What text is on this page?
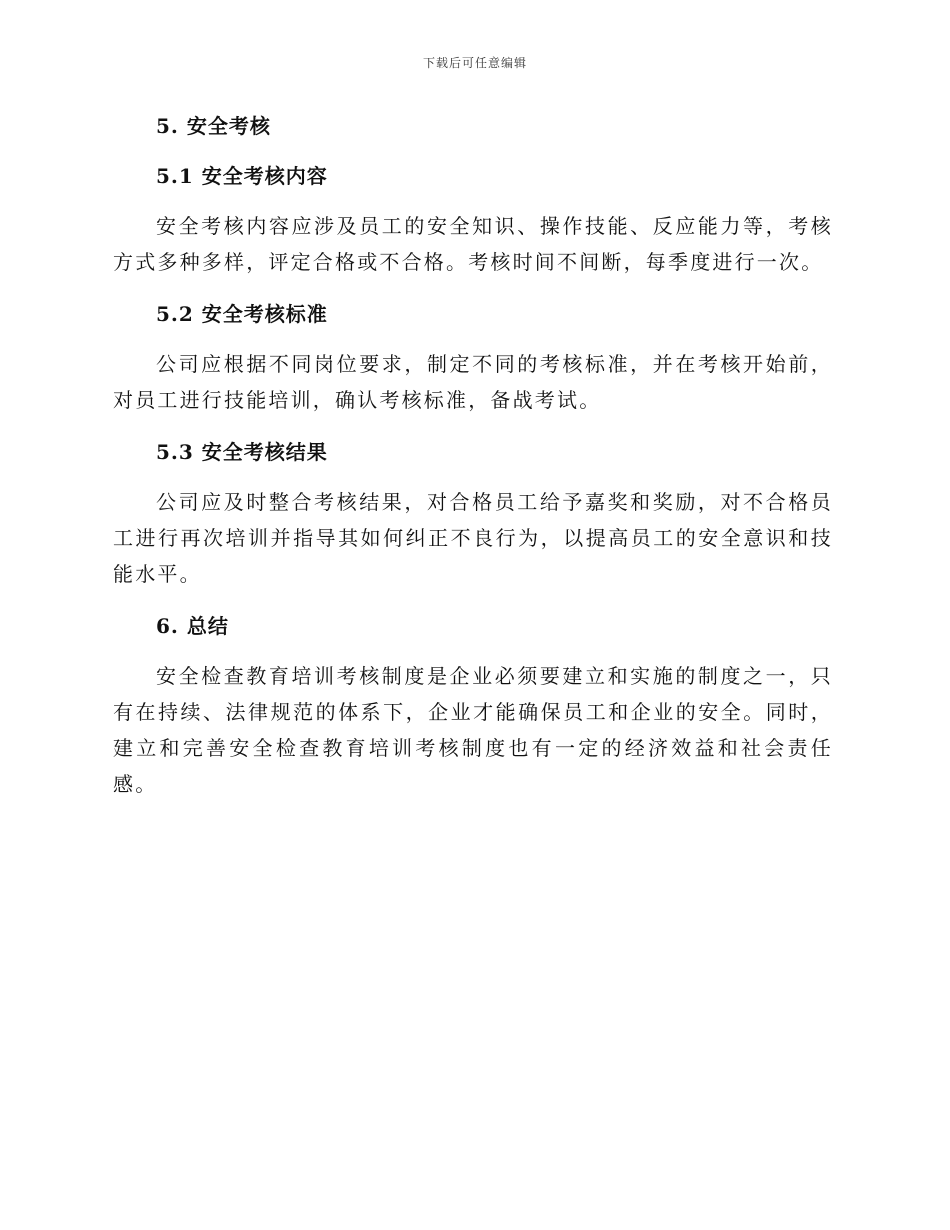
下载后可任意编辑
5. 安全考核
5.1 安全考核内容

安全考核内容应涉及员工的安全知识、操作技能、反应能力等，考核方式多种多样，评定合格或不合格。考核时间不间断，每季度进行一次。

5.2 安全考核标准

公司应根据不同岗位要求，制定不同的考核标准，并在考核开始前，对员工进行技能培训，确认考核标准，备战考试。

5.3 安全考核结果

公司应及时整合考核结果，对合格员工给予嘉奖和奖励，对不合格员工进行再次培训并指导其如何纠正不良行为，以提高员工的安全意识和技能水平。

6. 总结

安全检查教育培训考核制度是企业必须要建立和实施的制度之一，只有在持续、法律规范的体系下，企业才能确保员工和企业的安全。同时，建立和完善安全检查教育培训考核制度也有一定的经济效益和社会责任感。
